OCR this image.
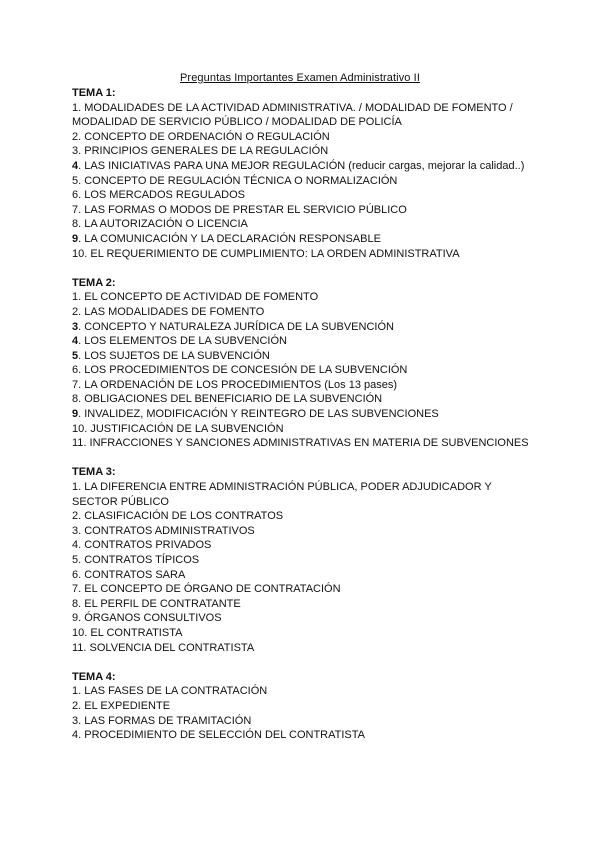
Preguntas Importantes Examen Administrativo II
TEMA 1:
1. MODALIDADES DE LA ACTIVIDAD ADMINISTRATIVA. / MODALIDAD DE FOMENTO / MODALIDAD DE SERVICIO PÚBLICO / MODALIDAD DE POLICÍA
2. CONCEPTO DE ORDENACIÓN O REGULACIÓN
3. PRINCIPIOS GENERALES DE LA REGULACIÓN
4. LAS INICIATIVAS PARA UNA MEJOR REGULACIÓN (reducir cargas, mejorar la calidad..)
5. CONCEPTO DE REGULACIÓN TÉCNICA O NORMALIZACIÓN
6. LOS MERCADOS REGULADOS
7. LAS FORMAS O MODOS DE PRESTAR EL SERVICIO PÚBLICO
8. LA AUTORIZACIÓN O LICENCIA
9. LA COMUNICACIÓN Y LA DECLARACIÓN RESPONSABLE
10. EL REQUERIMIENTO DE CUMPLIMIENTO: LA ORDEN ADMINISTRATIVA
TEMA 2:
1. EL CONCEPTO DE ACTIVIDAD DE FOMENTO
2. LAS MODALIDADES DE FOMENTO
3. CONCEPTO Y NATURALEZA JURÍDICA DE LA SUBVENCIÓN
4. LOS ELEMENTOS DE LA SUBVENCIÓN
5. LOS SUJETOS DE LA SUBVENCIÓN
6. LOS PROCEDIMIENTOS DE CONCESIÓN DE LA SUBVENCIÓN
7. LA ORDENACIÓN DE LOS PROCEDIMIENTOS (Los 13 pases)
8. OBLIGACIONES DEL BENEFICIARIO DE LA SUBVENCIÓN
9. INVALIDEZ, MODIFICACIÓN Y REINTEGRO DE LAS SUBVENCIONES
10. JUSTIFICACIÓN DE LA SUBVENCIÓN
11. INFRACCIONES Y SANCIONES ADMINISTRATIVAS EN MATERIA DE SUBVENCIONES
TEMA 3:
1. LA DIFERENCIA ENTRE ADMINISTRACIÓN PÚBLICA, PODER ADJUDICADOR Y SECTOR PÚBLICO
2. CLASIFICACIÓN DE LOS CONTRATOS
3. CONTRATOS ADMINISTRATIVOS
4. CONTRATOS PRIVADOS
5. CONTRATOS TÍPICOS
6. CONTRATOS SARA
7. EL CONCEPTO DE ÓRGANO DE CONTRATACIÓN
8. EL PERFIL DE CONTRATANTE
9. ÓRGANOS CONSULTIVOS
10. EL CONTRATISTA
11. SOLVENCIA DEL CONTRATISTA
TEMA 4:
1. LAS FASES DE LA CONTRATACIÓN
2. EL EXPEDIENTE
3. LAS FORMAS DE TRAMITACIÓN
4. PROCEDIMIENTO DE SELECCIÓN DEL CONTRATISTA
